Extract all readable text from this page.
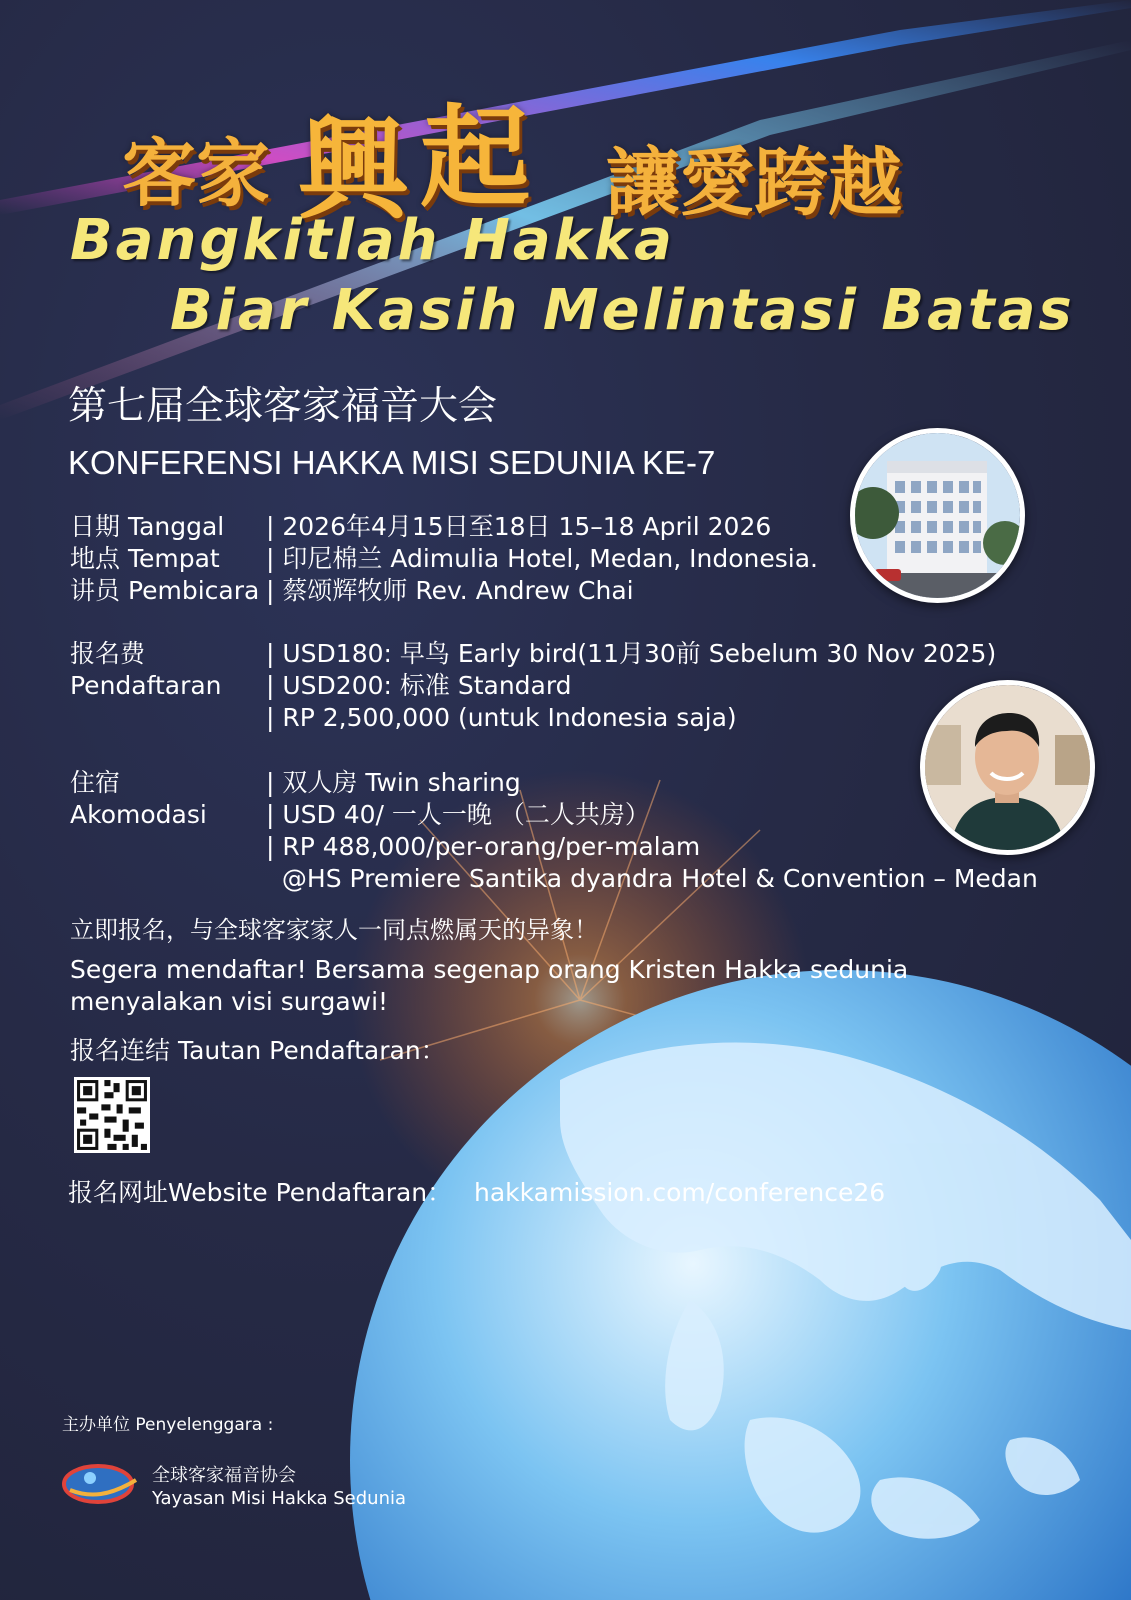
客家 興 起 讓愛跨越
Bangkitlah Hakka
Biar Kasih Melintasi Batas
第七届全球客家福音大会
KONFERENSI HAKKA MISI SEDUNIA KE-7
日期 Tanggal | 2026年4月15日至18日 15–18 April 2026
地点 Tempat | 印尼棉兰 Adimulia Hotel, Medan, Indonesia.
讲员 Pembicara | 蔡颂辉牧师 Rev. Andrew Chai
报名费
Pendaftaran
| USD180: 早鸟 Early bird(11月30前 Sebelum 30 Nov 2025)
| USD200: 标准 Standard
| RP 2,500,000 (untuk Indonesia saja)
住宿
Akomodasi
| 双人房 Twin sharing
| USD 40/ 一人一晚 （二人共房）
| RP 488,000/per-orang/per-malam
@HS Premiere Santika dyandra Hotel & Convention – Medan
立即报名，与全球客家家人一同点燃属天的异象！
Segera mendaftar! Bersama segenap orang Kristen Hakka sedunia
menyalakan visi surgawi!
报名连结 Tautan Pendaftaran：
报名网址Website Pendaftaran： hakkamission.com/conference26
主办单位 Penyelenggara :
全球客家福音协会
Yayasan Misi Hakka Sedunia
